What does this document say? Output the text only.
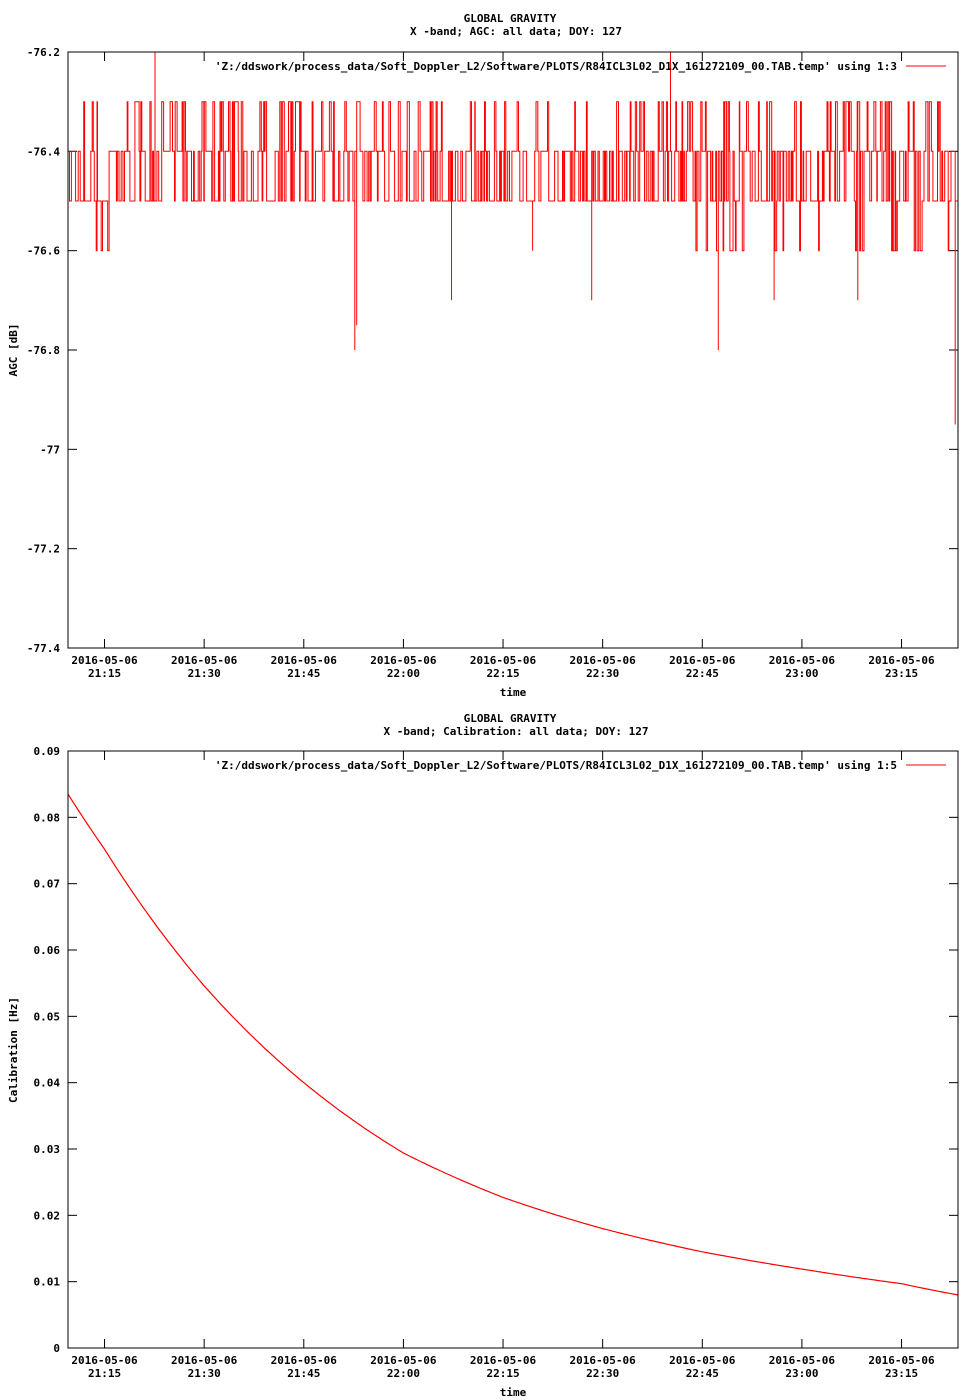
GLOBAL GRAVITY
X -band; AGC: all data; DOY: 127
-76.2
-76.4
-76.6
-76.8
-77
-77.2
-77.4
2016-05-06
21:15
2016-05-06
21:30
2016-05-06
21:45
2016-05-06
22:00
2016-05-06
22:15
2016-05-06
22:30
2016-05-06
22:45
2016-05-06
23:00
2016-05-06
23:15
'Z:/ddswork/process_data/Soft_Doppler_L2/Software/PLOTS/R84ICL3L02_D1X_161272109_00.TAB.temp' using 1:3
time
AGC [dB]
GLOBAL GRAVITY
X -band; Calibration: all data; DOY: 127
0
0.01
0.02
0.03
0.04
0.05
0.06
0.07
0.08
0.09
2016-05-06
21:15
2016-05-06
21:30
2016-05-06
21:45
2016-05-06
22:00
2016-05-06
22:15
2016-05-06
22:30
2016-05-06
22:45
2016-05-06
23:00
2016-05-06
23:15
'Z:/ddswork/process_data/Soft_Doppler_L2/Software/PLOTS/R84ICL3L02_D1X_161272109_00.TAB.temp' using 1:5
time
Calibration [Hz]
